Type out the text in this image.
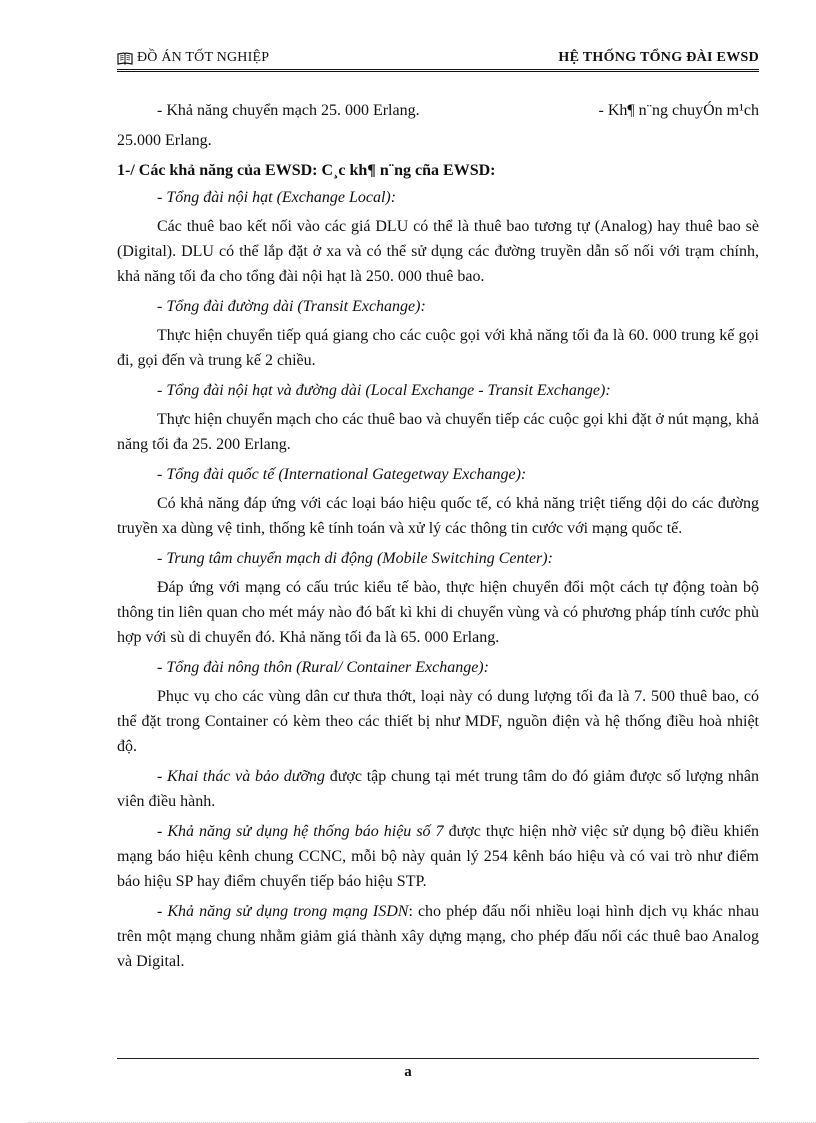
ĐỒ ÁN TỐT NGHIỆP	HỆ THỐNG TỔNG ĐÀI EWSD
- Khả năng chuyển mạch 25. 000 Erlang.	- Kh¶ n¨ng chuyÓn m¹ch
25.000 Erlang.
1-/ Các khả năng của EWSD: C¸c kh¶ n¨ng cña EWSD:
- Tổng đài nội hạt (Exchange Local):
Các thuê bao kết nối vào các giá DLU có thể là thuê bao tương tự (Analog) hay thuê bao sè (Digital). DLU có thể lắp đặt ở xa và có thể sử dụng các đường truyền dẫn số nối với trạm chính, khả năng tối đa cho tổng đài nội hạt là 250. 000 thuê bao.
- Tổng đài đường dài (Transit Exchange):
Thực hiện chuyển tiếp quá giang cho các cuộc gọi với khả năng tối đa là 60. 000 trung kế gọi đi, gọi đến và trung kế 2 chiều.
- Tổng đài nội hạt và đường dài (Local Exchange - Transit Exchange):
Thực hiện chuyển mạch cho các thuê bao và chuyển tiếp các cuộc gọi khi đặt ở nút mạng, khả năng tối đa 25. 200 Erlang.
- Tổng đài quốc tế (International Gategetway Exchange):
Có khả năng đáp ứng với các loại báo hiệu quốc tế, có khả năng triệt tiếng dội do các đường truyền xa dùng vệ tinh, thống kê tính toán và xử lý các thông tin cước với mạng quốc tế.
- Trung tâm chuyển mạch di động (Mobile Switching Center):
Đáp ứng với mạng có cấu trúc kiểu tế bào, thực hiện chuyển đổi một cách tự động toàn bộ thông tin liên quan cho mét máy nào đó bất kì khi di chuyển vùng và có phương pháp tính cước phù hợp với sù di chuyển đó. Khả năng tối đa là 65. 000 Erlang.
- Tổng đài nông thôn (Rural/ Container Exchange):
Phục vụ cho các vùng dân cư thưa thớt, loại này có dung lượng tối đa là 7. 500 thuê bao, có thể đặt trong Container có kèm theo các thiết bị như MDF, nguồn điện và hệ thống điều hoà nhiệt độ.
- Khai thác và bảo dưỡng được tập chung tại mét trung tâm do đó giảm được số lượng nhân viên điều hành.
- Khả năng sử dụng hệ thống báo hiệu số 7 được thực hiện nhờ việc sử dụng bộ điều khiển mạng báo hiệu kênh chung CCNC, mỗi bộ này quản lý 254 kênh báo hiệu và có vai trò như điểm báo hiệu SP hay điểm chuyển tiếp báo hiệu STP.
- Khả năng sử dụng trong mạng ISDN: cho phép đấu nối nhiều loại hình dịch vụ khác nhau trên một mạng chung nhằm giảm giá thành xây dựng mạng, cho phép đấu nối các thuê bao Analog và Digital.
a
